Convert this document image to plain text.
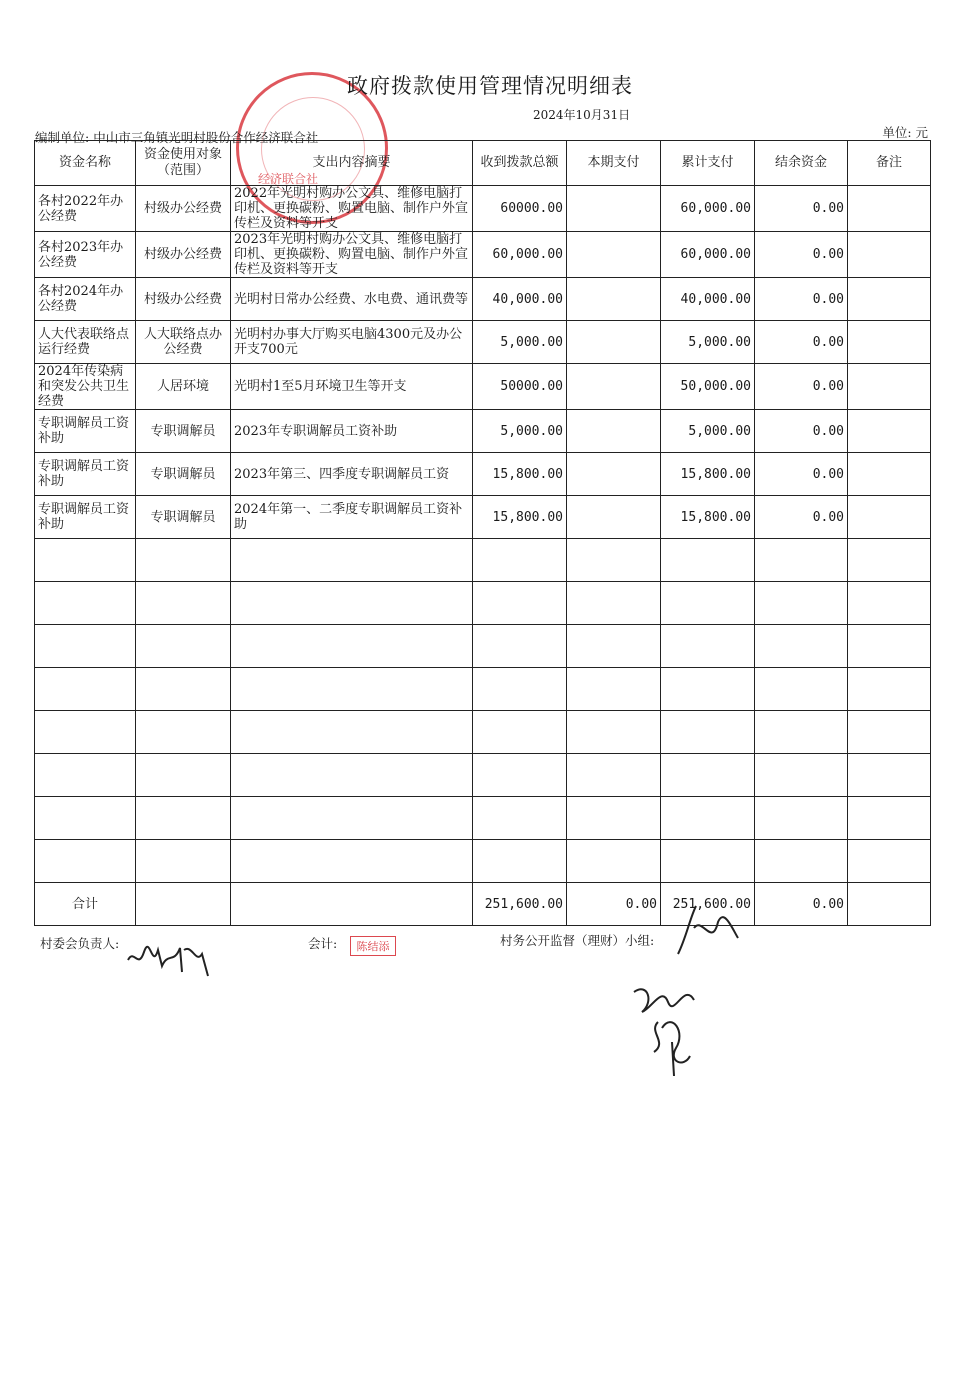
经济联合社
政府拨款使用管理情况明细表
2024年10月31日
编制单位: 中山市三角镇光明村股份合作经济联合社	单位: 元
资金名称	资金使用对象（范围）	支出内容摘要	收到拨款总额	本期支付	累计支付	结余资金	备注
各村2022年办公经费	村级办公经费	2022年光明村购办公文具、维修电脑打印机、更换碳粉、购置电脑、制作户外宣传栏及资料等开支	60000.00		60,000.00	0.00	
各村2023年办公经费	村级办公经费	2023年光明村购办公文具、维修电脑打印机、更换碳粉、购置电脑、制作户外宣传栏及资料等开支	60,000.00		60,000.00	0.00	
各村2024年办公经费	村级办公经费	光明村日常办公经费、水电费、通讯费等	40,000.00		40,000.00	0.00	
人大代表联络点运行经费	人大联络点办公经费	光明村办事大厅购买电脑4300元及办公开支700元	5,000.00		5,000.00	0.00	
2024年传染病和突发公共卫生经费	人居环境	光明村1至5月环境卫生等开支	50000.00		50,000.00	0.00	
专职调解员工资补助	专职调解员	2023年专职调解员工资补助	5,000.00		5,000.00	0.00	
专职调解员工资补助	专职调解员	2023年第三、四季度专职调解员工资	15,800.00		15,800.00	0.00	
专职调解员工资补助	专职调解员	2024年第一、二季度专职调解员工资补助	15,800.00		15,800.00	0.00	

合计			251,600.00	0.00	251,600.00	0.00	
村委会负责人:	会计:	陈结添	村务公开监督（理财）小组:
